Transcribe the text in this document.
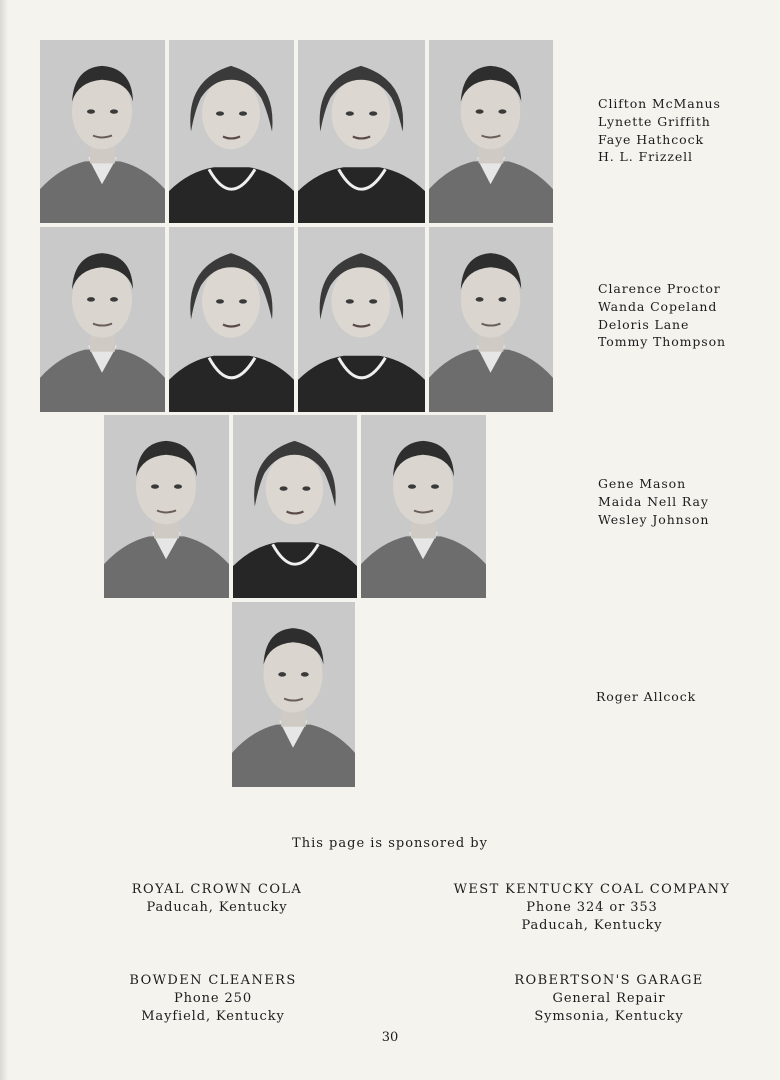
Clifton McManus
Lynette Griffith
Faye Hathcock
H. L. Frizzell
Clarence Proctor
Wanda Copeland
Deloris Lane
Tommy Thompson
Gene Mason
Maida Nell Ray
Wesley Johnson
Roger Allcock
This page is sponsored by
ROYAL CROWN COLA
Paducah, Kentucky
WEST KENTUCKY COAL COMPANY
Phone 324 or 353
Paducah, Kentucky
BOWDEN CLEANERS
Phone 250
Mayfield, Kentucky
ROBERTSON'S GARAGE
General Repair
Symsonia, Kentucky
30
